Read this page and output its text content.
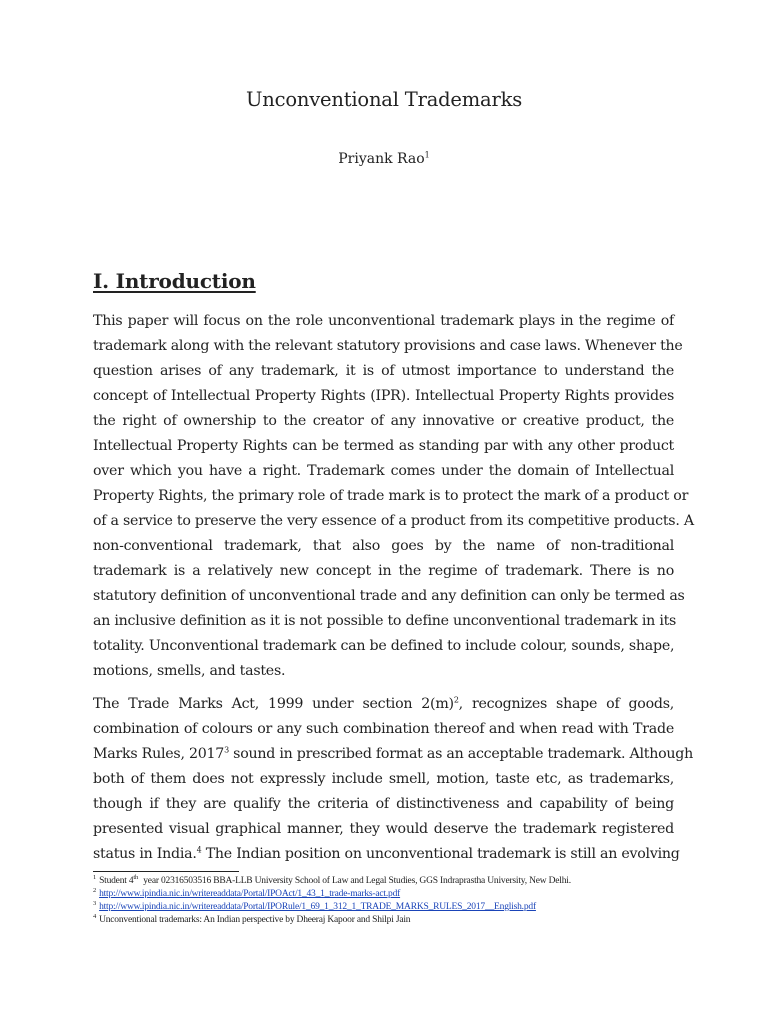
Unconventional Trademarks
Priyank Rao$^1$
I. Introduction
This paper will focus on the role unconventional trademark plays in the regime of
trademark along with the relevant statutory provisions and case laws. Whenever the
question arises of any trademark, it is of utmost importance to understand the
concept of Intellectual Property Rights (IPR). Intellectual Property Rights provides
the right of ownership to the creator of any innovative or creative product, the
Intellectual Property Rights can be termed as standing par with any other product
over which you have a right. Trademark comes under the domain of Intellectual
Property Rights, the primary role of trade mark is to protect the mark of a product or
of a service to preserve the very essence of a product from its competitive products. A
non-conventional trademark, that also goes by the name of non-traditional
trademark is a relatively new concept in the regime of trademark. There is no
statutory definition of unconventional trade and any definition can only be termed as
an inclusive definition as it is not possible to define unconventional trademark in its
totality. Unconventional trademark can be defined to include colour, sounds, shape,
motions, smells, and tastes.
The Trade Marks Act, 1999 under section $2(m)^2$, recognizes shape of goods,
combination of colours or any such combination thereof and when read with Trade
Marks Rules, 2017$^3$ sound in prescribed format as an acceptable trademark. Although
both of them does not expressly include smell, motion, taste etc, as trademarks,
though if they are qualify the criteria of distinctiveness and capability of being
presented visual graphical manner, they would deserve the trademark registered
status in India.$^4$ The Indian position on unconventional trademark is still an evolving
$^1$ Student 4th year 02316503516 BBA-LLB University School of Law and Legal Studies, GGS Indraprastha University, New Delhi.
$^2$ http://www.ipindia.nic.in/writereaddata/Portal/IPOAct/1_43_1_trade-marks-act.pdf
$^3$ http://www.ipindia.nic.in/writereaddata/Portal/IPORule/1_69_1_312_1_TRADE_MARKS_RULES_2017__English.pdf
$^4$ Unconventional trademarks: An Indian perspective by Dheeraj Kapoor and Shilpi Jain
